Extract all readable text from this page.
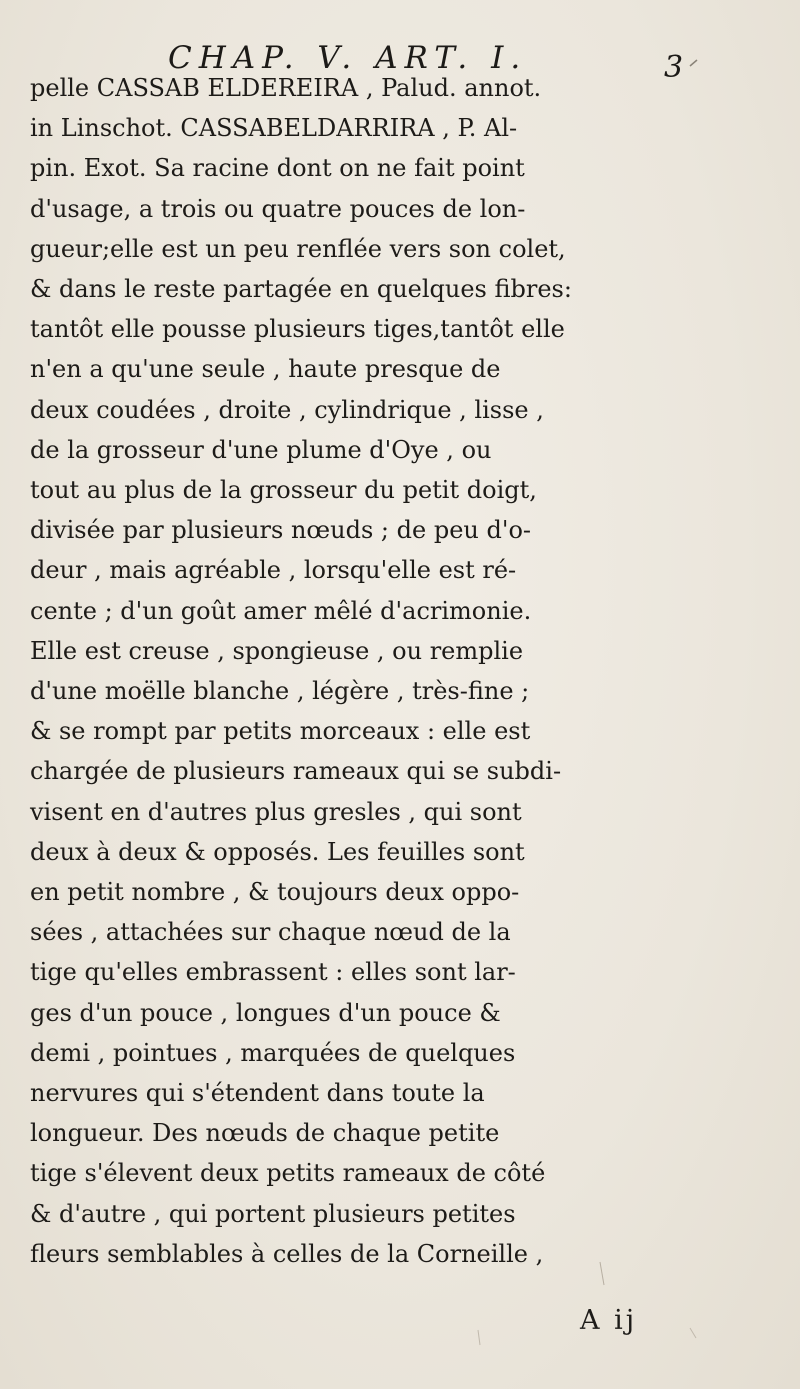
CHAP. V. ART. I.	3
pelle CASSAB ELDEREIRA , Palud. annot.
in Linschot. CASSABELDARRIRA , P. Al-
pin. Exot. Sa racine dont on ne fait point
d'usage, a trois ou quatre pouces de lon-
gueur;elle est un peu renflée vers son colet,
& dans le reste partagée en quelques fibres:
tantôt elle pousse plusieurs tiges,tantôt elle
n'en a qu'une seule , haute presque de
deux coudées , droite , cylindrique , lisse ,
de la grosseur d'une plume d'Oye , ou
tout au plus de la grosseur du petit doigt,
divisée par plusieurs nœuds ; de peu d'o-
deur , mais agréable , lorsqu'elle est ré-
cente ; d'un goût amer mêlé d'acrimonie.
Elle est creuse , spongieuse , ou remplie
d'une moëlle blanche , légère , très-fine ;
& se rompt par petits morceaux : elle est
chargée de plusieurs rameaux qui se subdi-
visent en d'autres plus gresles , qui sont
deux à deux & opposés. Les feuilles sont
en petit nombre , & toujours deux oppo-
sées , attachées sur chaque nœud de la
tige qu'elles embrassent : elles sont lar-
ges d'un pouce , longues d'un pouce &
demi , pointues , marquées de quelques
nervures qui s'étendent dans toute la
longueur. Des nœuds de chaque petite
tige s'élevent deux petits rameaux de côté
& d'autre , qui portent plusieurs petites
fleurs semblables à celles de la Corneille ,
A ij
